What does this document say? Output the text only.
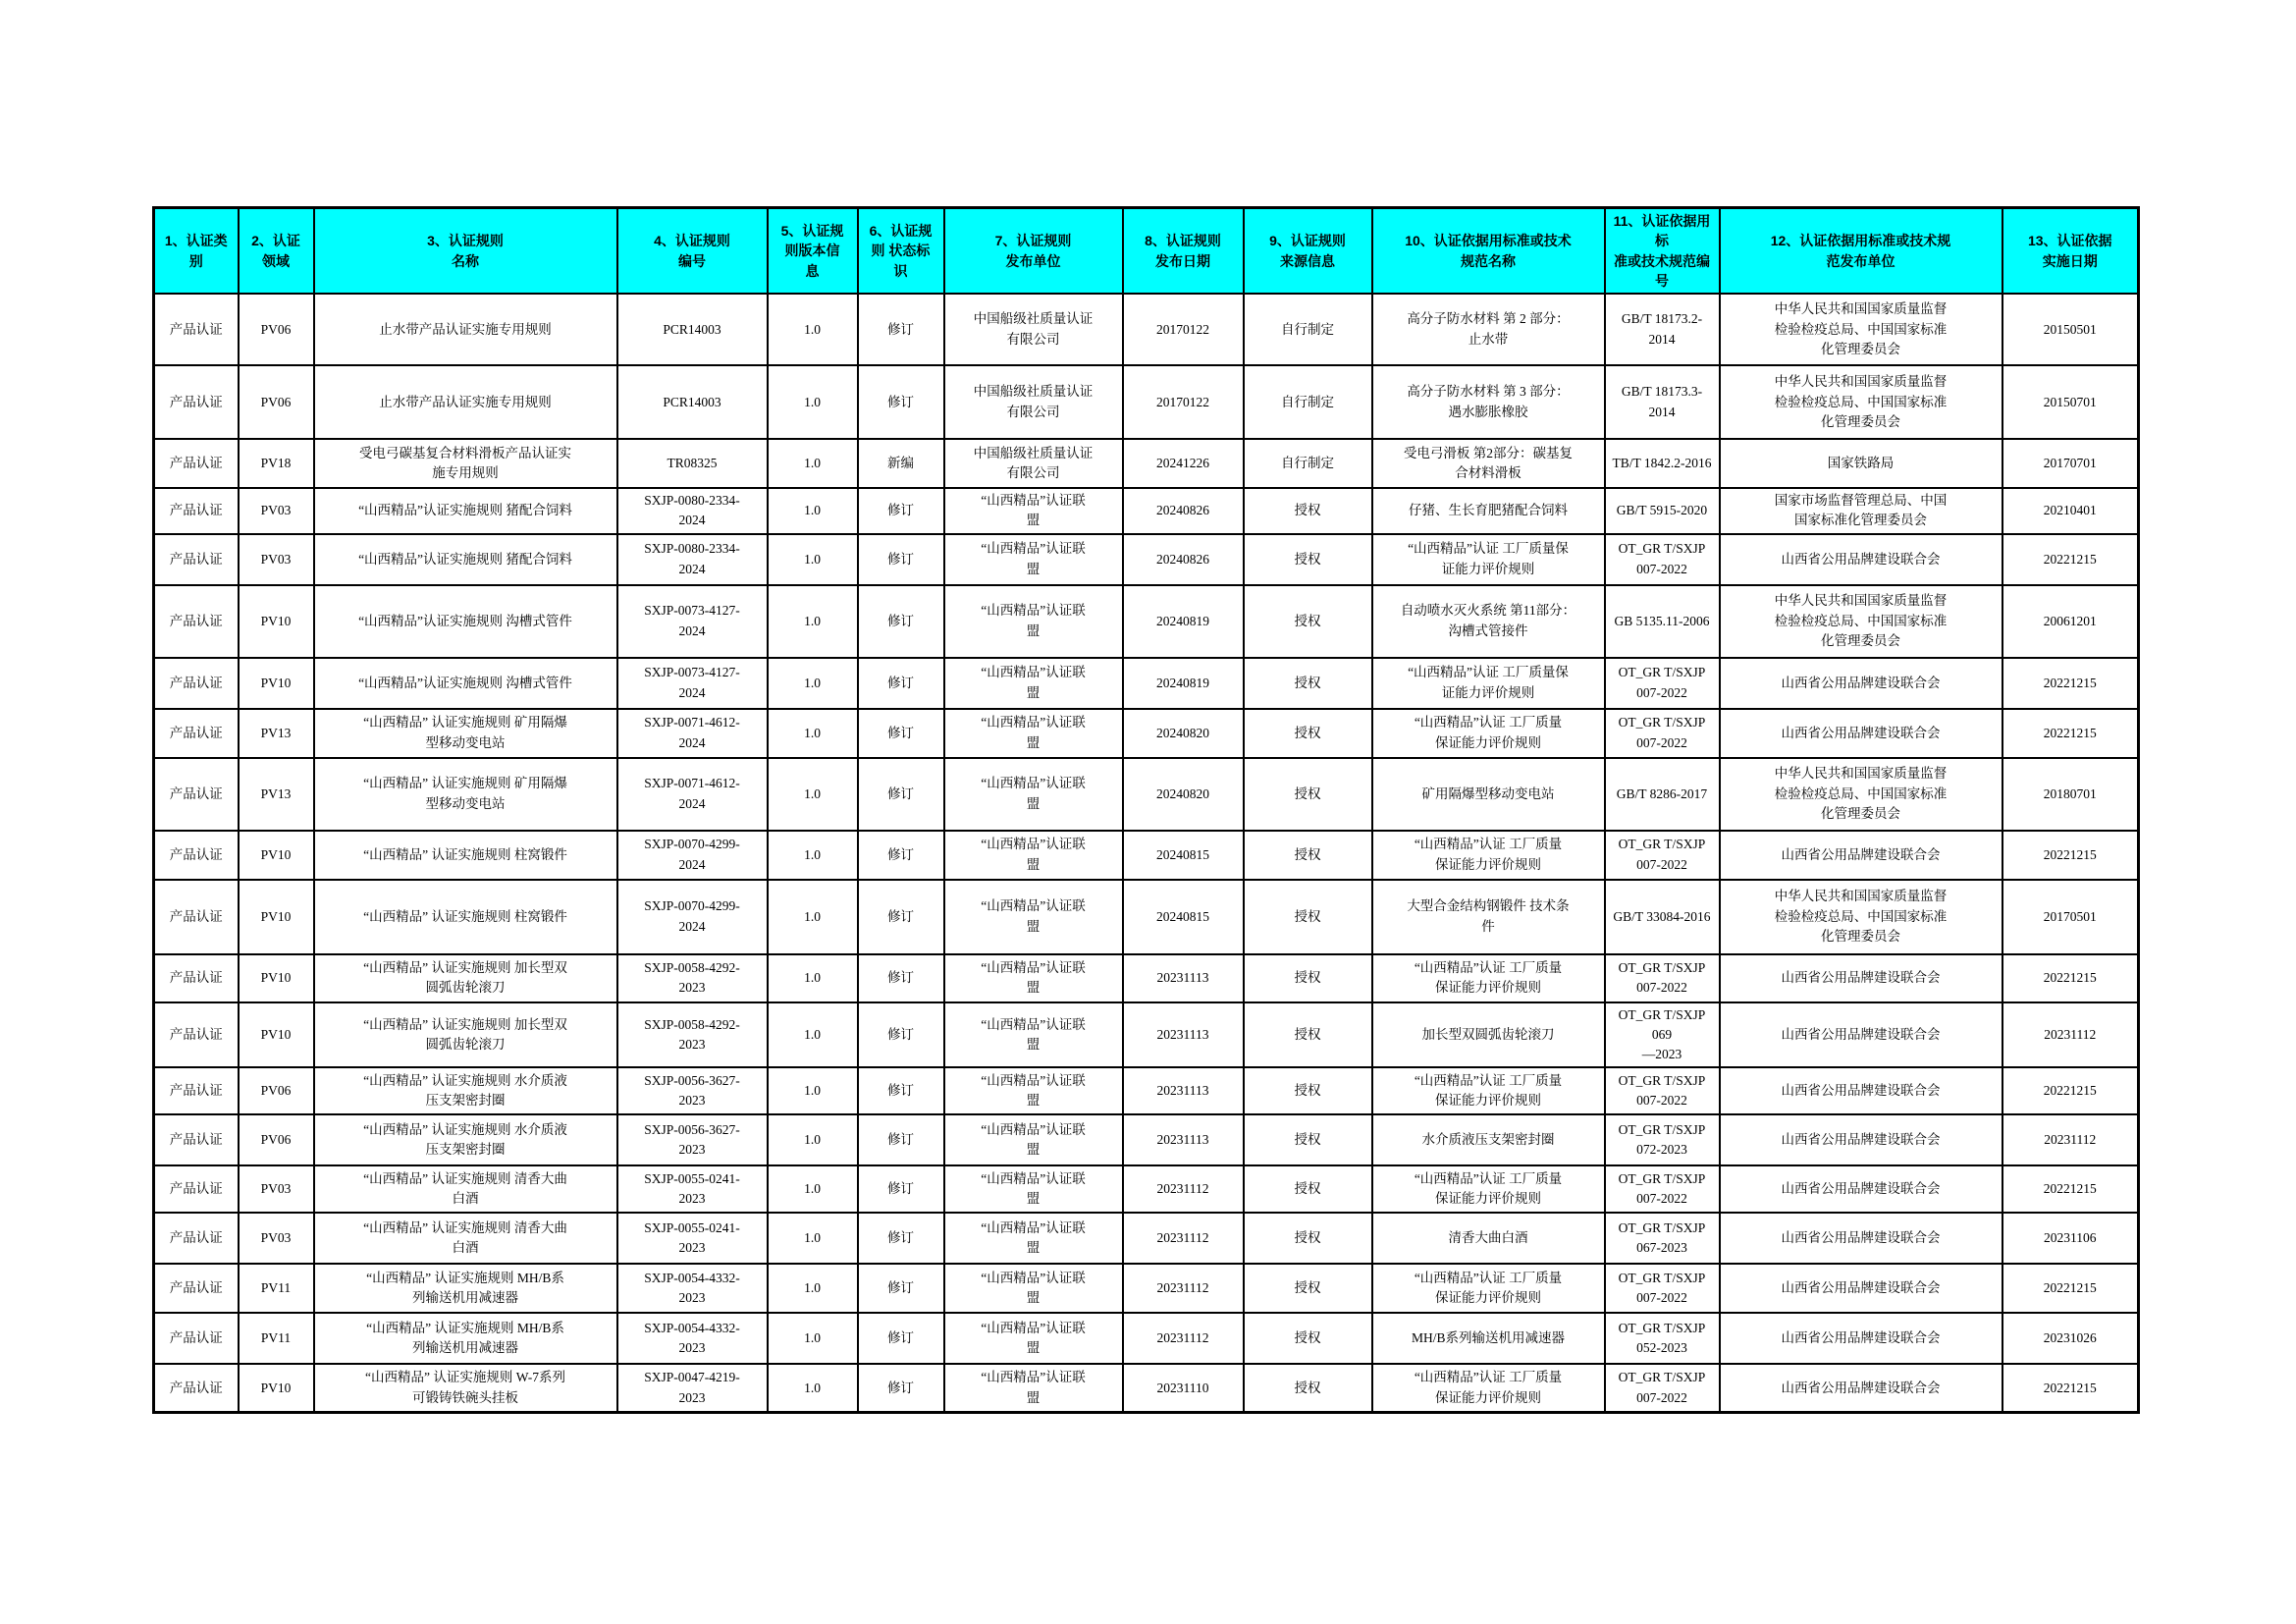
1、认证类
别	2、认证
领域	3、认证规则
名称	4、认证规则
编号	5、认证规
则版本信
息	6、认证规
则 状态标
识	7、认证规则
发布单位	8、认证规则
发布日期	9、认证规则
来源信息	10、认证依据用标准或技术
规范名称	11、认证依据用标
准或技术规范编号	12、认证依据用标准或技术规
范发布单位	13、认证依据
实施日期
产品认证	PV06	止水带产品认证实施专用规则	PCR14003	1.0	修订	中国船级社质量认证
有限公司	20170122	自行制定	高分子防水材料 第 2 部分：
止水带	GB/T 18173.2-2014	中华人民共和国国家质量监督
检验检疫总局、中国国家标准
化管理委员会	20150501
产品认证	PV06	止水带产品认证实施专用规则	PCR14003	1.0	修订	中国船级社质量认证
有限公司	20170122	自行制定	高分子防水材料 第 3 部分：
遇水膨胀橡胶	GB/T 18173.3-2014	中华人民共和国国家质量监督
检验检疫总局、中国国家标准
化管理委员会	20150701
产品认证	PV18	受电弓碳基复合材料滑板产品认证实
施专用规则	TR08325	1.0	新编	中国船级社质量认证
有限公司	20241226	自行制定	受电弓滑板 第2部分：碳基复
合材料滑板	TB/T 1842.2-2016	国家铁路局	20170701
产品认证	PV03	“山西精品”认证实施规则 猪配合饲料	SXJP-0080-2334-
2024	1.0	修订	“山西精品”认证联
盟	20240826	授权	仔猪、生长育肥猪配合饲料	GB/T 5915-2020	国家市场监督管理总局、中国
国家标准化管理委员会	20210401
产品认证	PV03	“山西精品”认证实施规则 猪配合饲料	SXJP-0080-2334-
2024	1.0	修订	“山西精品”认证联
盟	20240826	授权	“山西精品”认证 工厂质量保
证能力评价规则	OT_GR T/SXJP
007-2022	山西省公用品牌建设联合会	20221215
产品认证	PV10	“山西精品”认证实施规则 沟槽式管件	SXJP-0073-4127-
2024	1.0	修订	“山西精品”认证联
盟	20240819	授权	自动喷水灭火系统 第11部分：
沟槽式管接件	GB 5135.11-2006	中华人民共和国国家质量监督
检验检疫总局、中国国家标准
化管理委员会	20061201
产品认证	PV10	“山西精品”认证实施规则 沟槽式管件	SXJP-0073-4127-
2024	1.0	修订	“山西精品”认证联
盟	20240819	授权	“山西精品”认证 工厂质量保
证能力评价规则	OT_GR T/SXJP
007-2022	山西省公用品牌建设联合会	20221215
产品认证	PV13	“山西精品” 认证实施规则 矿用隔爆
型移动变电站	SXJP-0071-4612-
2024	1.0	修订	“山西精品”认证联
盟	20240820	授权	“山西精品”认证 工厂质量
保证能力评价规则	OT_GR T/SXJP
007-2022	山西省公用品牌建设联合会	20221215
产品认证	PV13	“山西精品” 认证实施规则 矿用隔爆
型移动变电站	SXJP-0071-4612-
2024	1.0	修订	“山西精品”认证联
盟	20240820	授权	矿用隔爆型移动变电站	GB/T 8286-2017	中华人民共和国国家质量监督
检验检疫总局、中国国家标准
化管理委员会	20180701
产品认证	PV10	“山西精品” 认证实施规则 柱窝锻件	SXJP-0070-4299-
2024	1.0	修订	“山西精品”认证联
盟	20240815	授权	“山西精品”认证 工厂质量
保证能力评价规则	OT_GR T/SXJP
007-2022	山西省公用品牌建设联合会	20221215
产品认证	PV10	“山西精品” 认证实施规则 柱窝锻件	SXJP-0070-4299-
2024	1.0	修订	“山西精品”认证联
盟	20240815	授权	大型合金结构钢锻件 技术条
件	GB/T 33084-2016	中华人民共和国国家质量监督
检验检疫总局、中国国家标准
化管理委员会	20170501
产品认证	PV10	“山西精品” 认证实施规则 加长型双
圆弧齿轮滚刀	SXJP-0058-4292-
2023	1.0	修订	“山西精品”认证联
盟	20231113	授权	“山西精品”认证 工厂质量
保证能力评价规则	OT_GR T/SXJP
007-2022	山西省公用品牌建设联合会	20221215
产品认证	PV10	“山西精品” 认证实施规则 加长型双
圆弧齿轮滚刀	SXJP-0058-4292-
2023	1.0	修订	“山西精品”认证联
盟	20231113	授权	加长型双圆弧齿轮滚刀	OT_GR T/SXJP 069
—2023	山西省公用品牌建设联合会	20231112
产品认证	PV06	“山西精品” 认证实施规则 水介质液
压支架密封圈	SXJP-0056-3627-
2023	1.0	修订	“山西精品”认证联
盟	20231113	授权	“山西精品”认证 工厂质量
保证能力评价规则	OT_GR T/SXJP
007-2022	山西省公用品牌建设联合会	20221215
产品认证	PV06	“山西精品” 认证实施规则 水介质液
压支架密封圈	SXJP-0056-3627-
2023	1.0	修订	“山西精品”认证联
盟	20231113	授权	水介质液压支架密封圈	OT_GR T/SXJP
072-2023	山西省公用品牌建设联合会	20231112
产品认证	PV03	“山西精品” 认证实施规则 清香大曲
白酒	SXJP-0055-0241-
2023	1.0	修订	“山西精品”认证联
盟	20231112	授权	“山西精品”认证 工厂质量
保证能力评价规则	OT_GR T/SXJP
007-2022	山西省公用品牌建设联合会	20221215
产品认证	PV03	“山西精品” 认证实施规则 清香大曲
白酒	SXJP-0055-0241-
2023	1.0	修订	“山西精品”认证联
盟	20231112	授权	清香大曲白酒	OT_GR T/SXJP
067-2023	山西省公用品牌建设联合会	20231106
产品认证	PV11	“山西精品” 认证实施规则 MH/B系
列输送机用减速器	SXJP-0054-4332-
2023	1.0	修订	“山西精品”认证联
盟	20231112	授权	“山西精品”认证 工厂质量
保证能力评价规则	OT_GR T/SXJP
007-2022	山西省公用品牌建设联合会	20221215
产品认证	PV11	“山西精品” 认证实施规则 MH/B系
列输送机用减速器	SXJP-0054-4332-
2023	1.0	修订	“山西精品”认证联
盟	20231112	授权	MH/B系列输送机用减速器	OT_GR T/SXJP
052-2023	山西省公用品牌建设联合会	20231026
产品认证	PV10	“山西精品” 认证实施规则 W-7系列
可锻铸铁碗头挂板	SXJP-0047-4219-
2023	1.0	修订	“山西精品”认证联
盟	20231110	授权	“山西精品”认证 工厂质量
保证能力评价规则	OT_GR T/SXJP
007-2022	山西省公用品牌建设联合会	20221215
